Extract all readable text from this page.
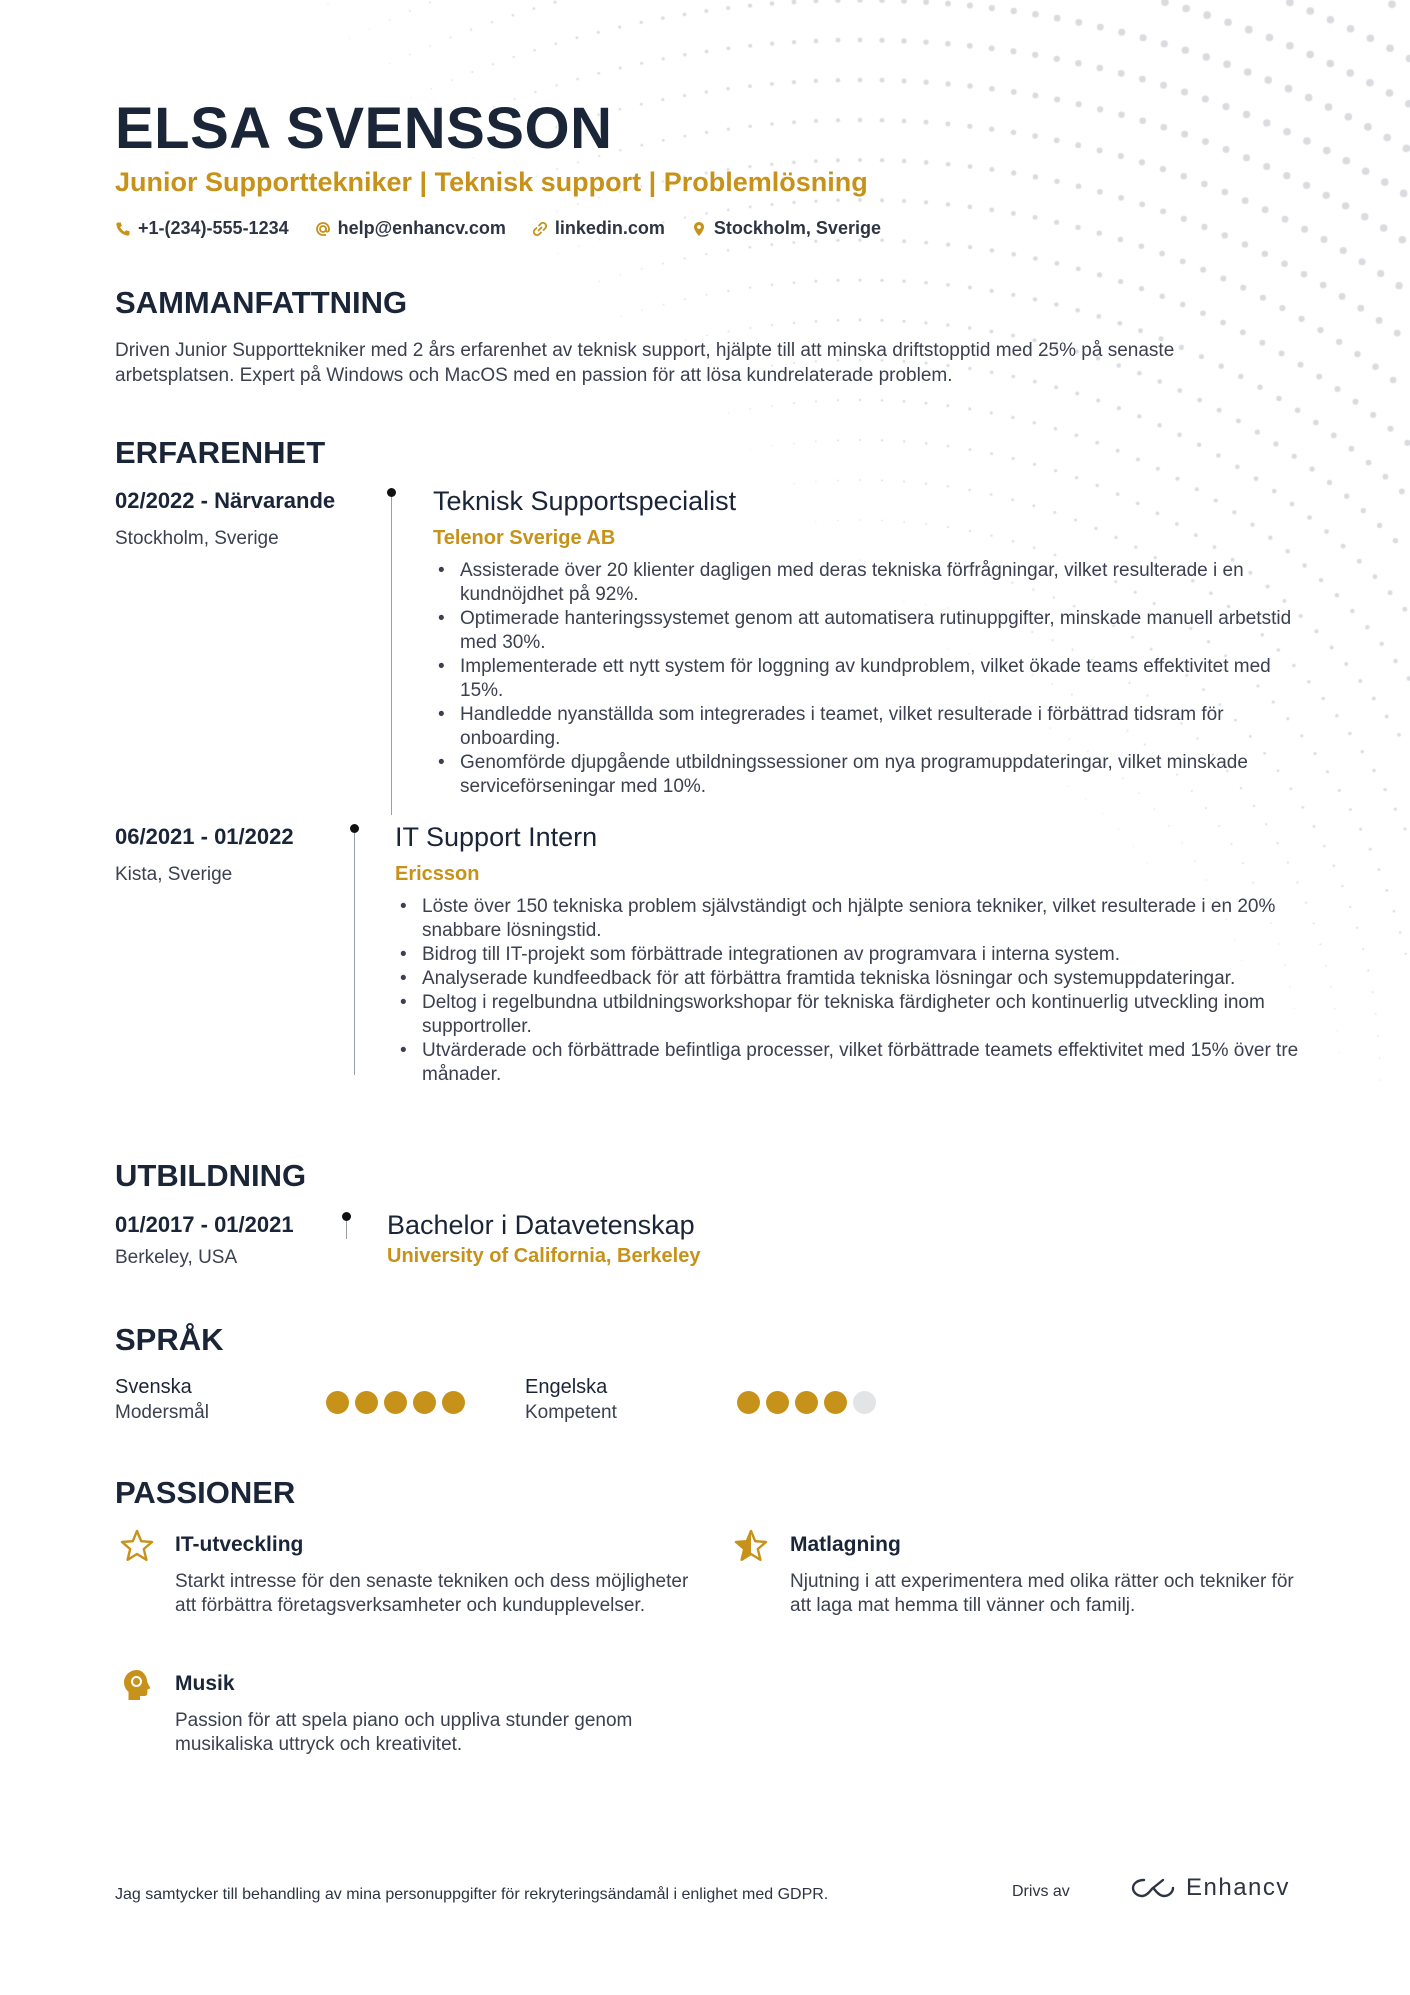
ELSA SVENSSON
Junior Supporttekniker | Teknisk support | Problemlösning
+1-(234)-555-1234	help@enhancv.com	linkedin.com	Stockholm, Sverige
SAMMANFATTNING

Driven Junior Supporttekniker med 2 års erfarenhet av teknisk support, hjälpte till att minska driftstopptid med 25% på senaste arbetsplatsen. Expert på Windows och MacOS med en passion för att lösa kundrelaterade problem.

ERFARENHET
02/2022 - Närvarande
Stockholm, Sverige
Teknisk Supportspecialist
Telenor Sverige AB
• Assisterade över 20 klienter dagligen med deras tekniska förfrågningar, vilket resulterade i en kundnöjdhet på 92%.
• Optimerade hanteringssystemet genom att automatisera rutinuppgifter, minskade manuell arbetstid med 30%.
• Implementerade ett nytt system för loggning av kundproblem, vilket ökade teams effektivitet med 15%.
• Handledde nyanställda som integrerades i teamet, vilket resulterade i förbättrad tidsram för onboarding.
• Genomförde djupgående utbildningssessioner om nya programuppdateringar, vilket minskade serviceförseningar med 10%.
06/2021 - 01/2022
Kista, Sverige
IT Support Intern
Ericsson
• Löste över 150 tekniska problem självständigt och hjälpte seniora tekniker, vilket resulterade i en 20% snabbare lösningstid.
• Bidrog till IT-projekt som förbättrade integrationen av programvara i interna system.
• Analyserade kundfeedback för att förbättra framtida tekniska lösningar och systemuppdateringar.
• Deltog i regelbundna utbildningsworkshopar för tekniska färdigheter och kontinuerlig utveckling inom supportroller.
• Utvärderade och förbättrade befintliga processer, vilket förbättrade teamets effektivitet med 15% över tre månader.
UTBILDNING
01/2017 - 01/2021
Berkeley, USA
Bachelor i Datavetenskap
University of California, Berkeley
SPRÅK
Svenska
Modersmål
Engelska
Kompetent
PASSIONER
IT-utveckling
Starkt intresse för den senaste tekniken och dess möjligheter att förbättra företagsverksamheter och kundupplevelser.
Matlagning
Njutning i att experimentera med olika rätter och tekniker för att laga mat hemma till vänner och familj.
Musik
Passion för att spela piano och uppliva stunder genom musikaliska uttryck och kreativitet.
Jag samtycker till behandling av mina personuppgifter för rekryteringsändamål i enlighet med GDPR.	Drivs av	Enhancv
